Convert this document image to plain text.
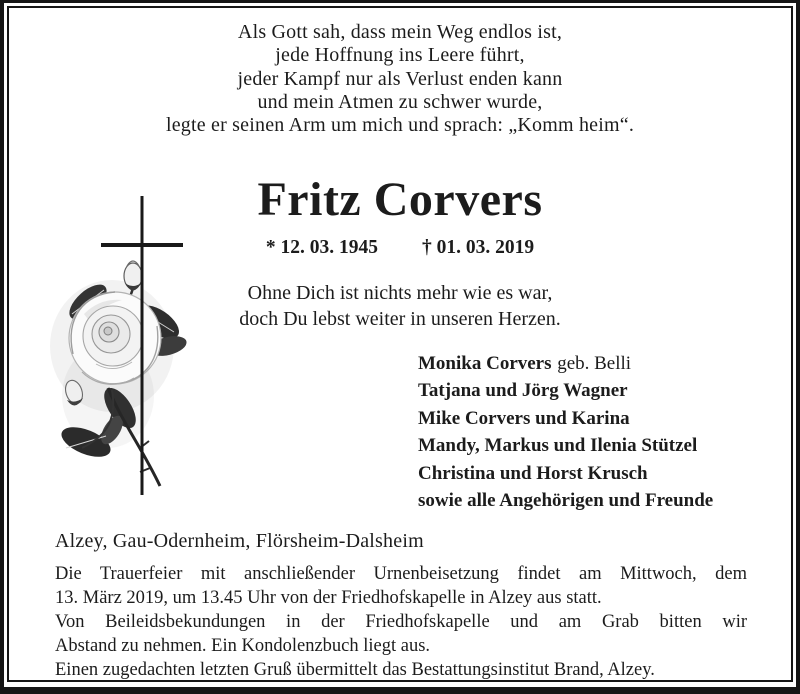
Als Gott sah, dass mein Weg endlos ist,
jede Hoffnung ins Leere führt,
jeder Kampf nur als Verlust enden kann
und mein Atmen zu schwer wurde,
legte er seinen Arm um mich und sprach: „Komm heim“.
Fritz Corvers
* 12. 03. 1945 † 01. 03. 2019
Ohne Dich ist nichts mehr wie es war,
doch Du lebst weiter in unseren Herzen.
Monika Corvers geb. Belli
Tatjana und Jörg Wagner
Mike Corvers und Karina
Mandy, Markus und Ilenia Stützel
Christina und Horst Krusch
sowie alle Angehörigen und Freunde
Alzey, Gau-Odernheim, Flörsheim-Dalsheim
Die Trauerfeier mit anschließender Urnenbeisetzung findet am Mittwoch, dem
13. März 2019, um 13.45 Uhr von der Friedhofskapelle in Alzey aus statt.
Von Beileidsbekundungen in der Friedhofskapelle und am Grab bitten wir
Abstand zu nehmen. Ein Kondolenzbuch liegt aus.
Einen zugedachten letzten Gruß übermittelt das Bestattungsinstitut Brand, Alzey.
